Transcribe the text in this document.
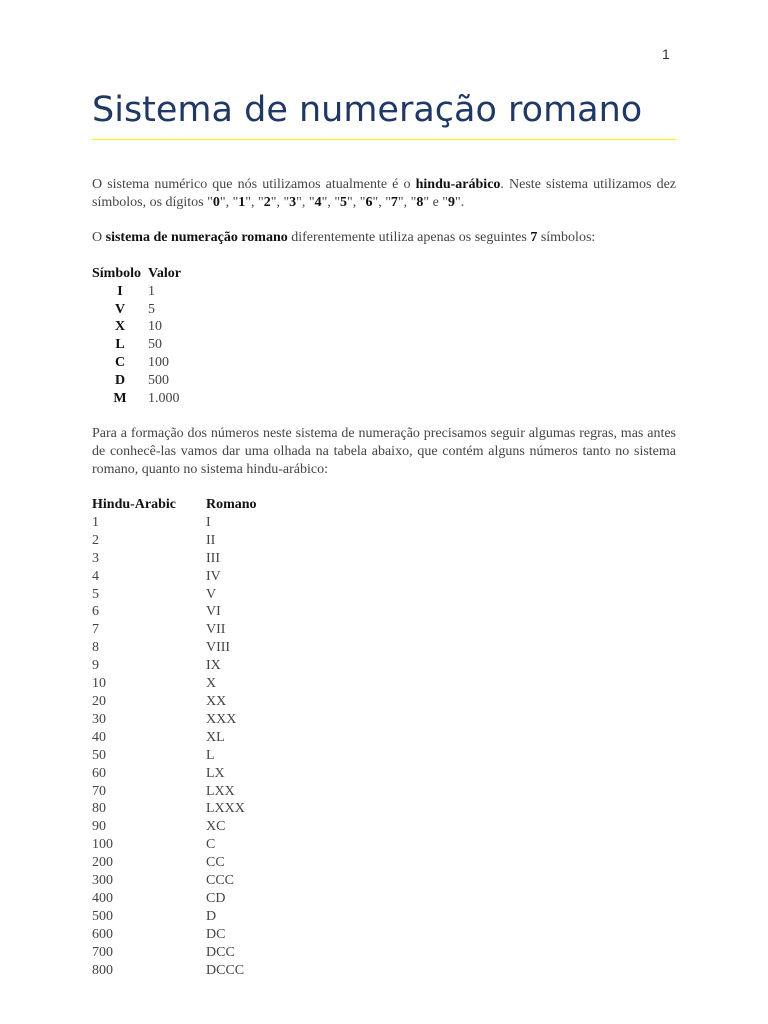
1
Sistema de numeração romano

O sistema numérico que nós utilizamos atualmente é o hindu-arábico. Neste sistema utilizamos dez símbolos, os dígitos "0", "1", "2", "3", "4", "5", "6", "7", "8" e "9".

O sistema de numeração romano diferentemente utiliza apenas os seguintes 7 símbolos:

Símbolo	Valor
I	1
V	5
X	10
L	50
C	100
D	500
M	1.000

Para a formação dos números neste sistema de numeração precisamos seguir algumas regras, mas antes de conhecê-las vamos dar uma olhada na tabela abaixo, que contém alguns números tanto no sistema romano, quanto no sistema hindu-arábico:

Hindu-Arabic	Romano
1	I
2	II
3	III
4	IV
5	V
6	VI
7	VII
8	VIII
9	IX
10	X
20	XX
30	XXX
40	XL
50	L
60	LX
70	LXX
80	LXXX
90	XC
100	C
200	CC
300	CCC
400	CD
500	D
600	DC
700	DCC
800	DCCC
